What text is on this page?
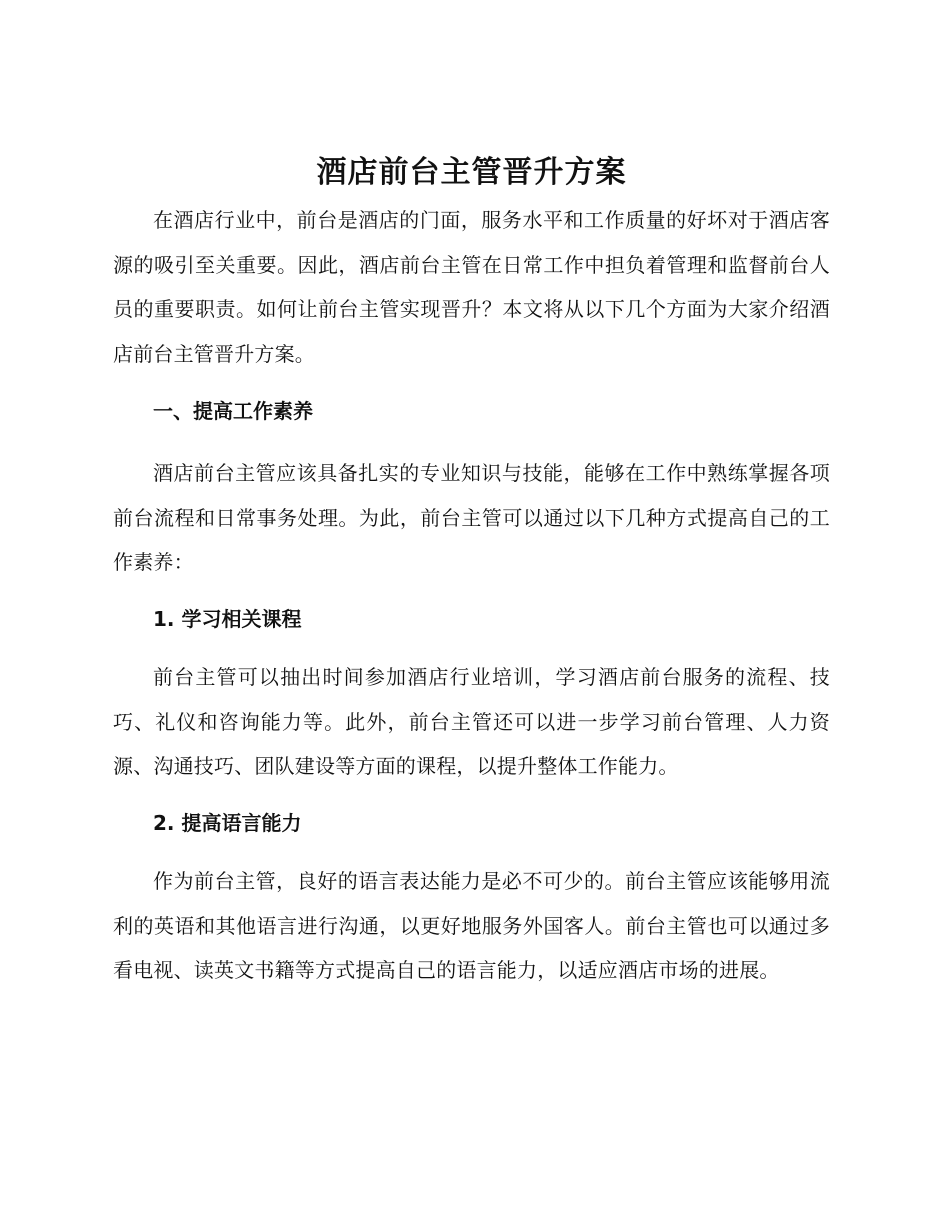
酒店前台主管晋升方案

在酒店行业中，前台是酒店的门面，服务水平和工作质量的好坏对于酒店客源的吸引至关重要。因此，酒店前台主管在日常工作中担负着管理和监督前台人员的重要职责。如何让前台主管实现晋升？本文将从以下几个方面为大家介绍酒店前台主管晋升方案。

一、提高工作素养

酒店前台主管应该具备扎实的专业知识与技能，能够在工作中熟练掌握各项前台流程和日常事务处理。为此，前台主管可以通过以下几种方式提高自己的工作素养：

1. 学习相关课程

前台主管可以抽出时间参加酒店行业培训，学习酒店前台服务的流程、技巧、礼仪和咨询能力等。此外，前台主管还可以进一步学习前台管理、人力资源、沟通技巧、团队建设等方面的课程，以提升整体工作能力。

2. 提高语言能力

作为前台主管，良好的语言表达能力是必不可少的。前台主管应该能够用流利的英语和其他语言进行沟通，以更好地服务外国客人。前台主管也可以通过多看电视、读英文书籍等方式提高自己的语言能力，以适应酒店市场的进展。
